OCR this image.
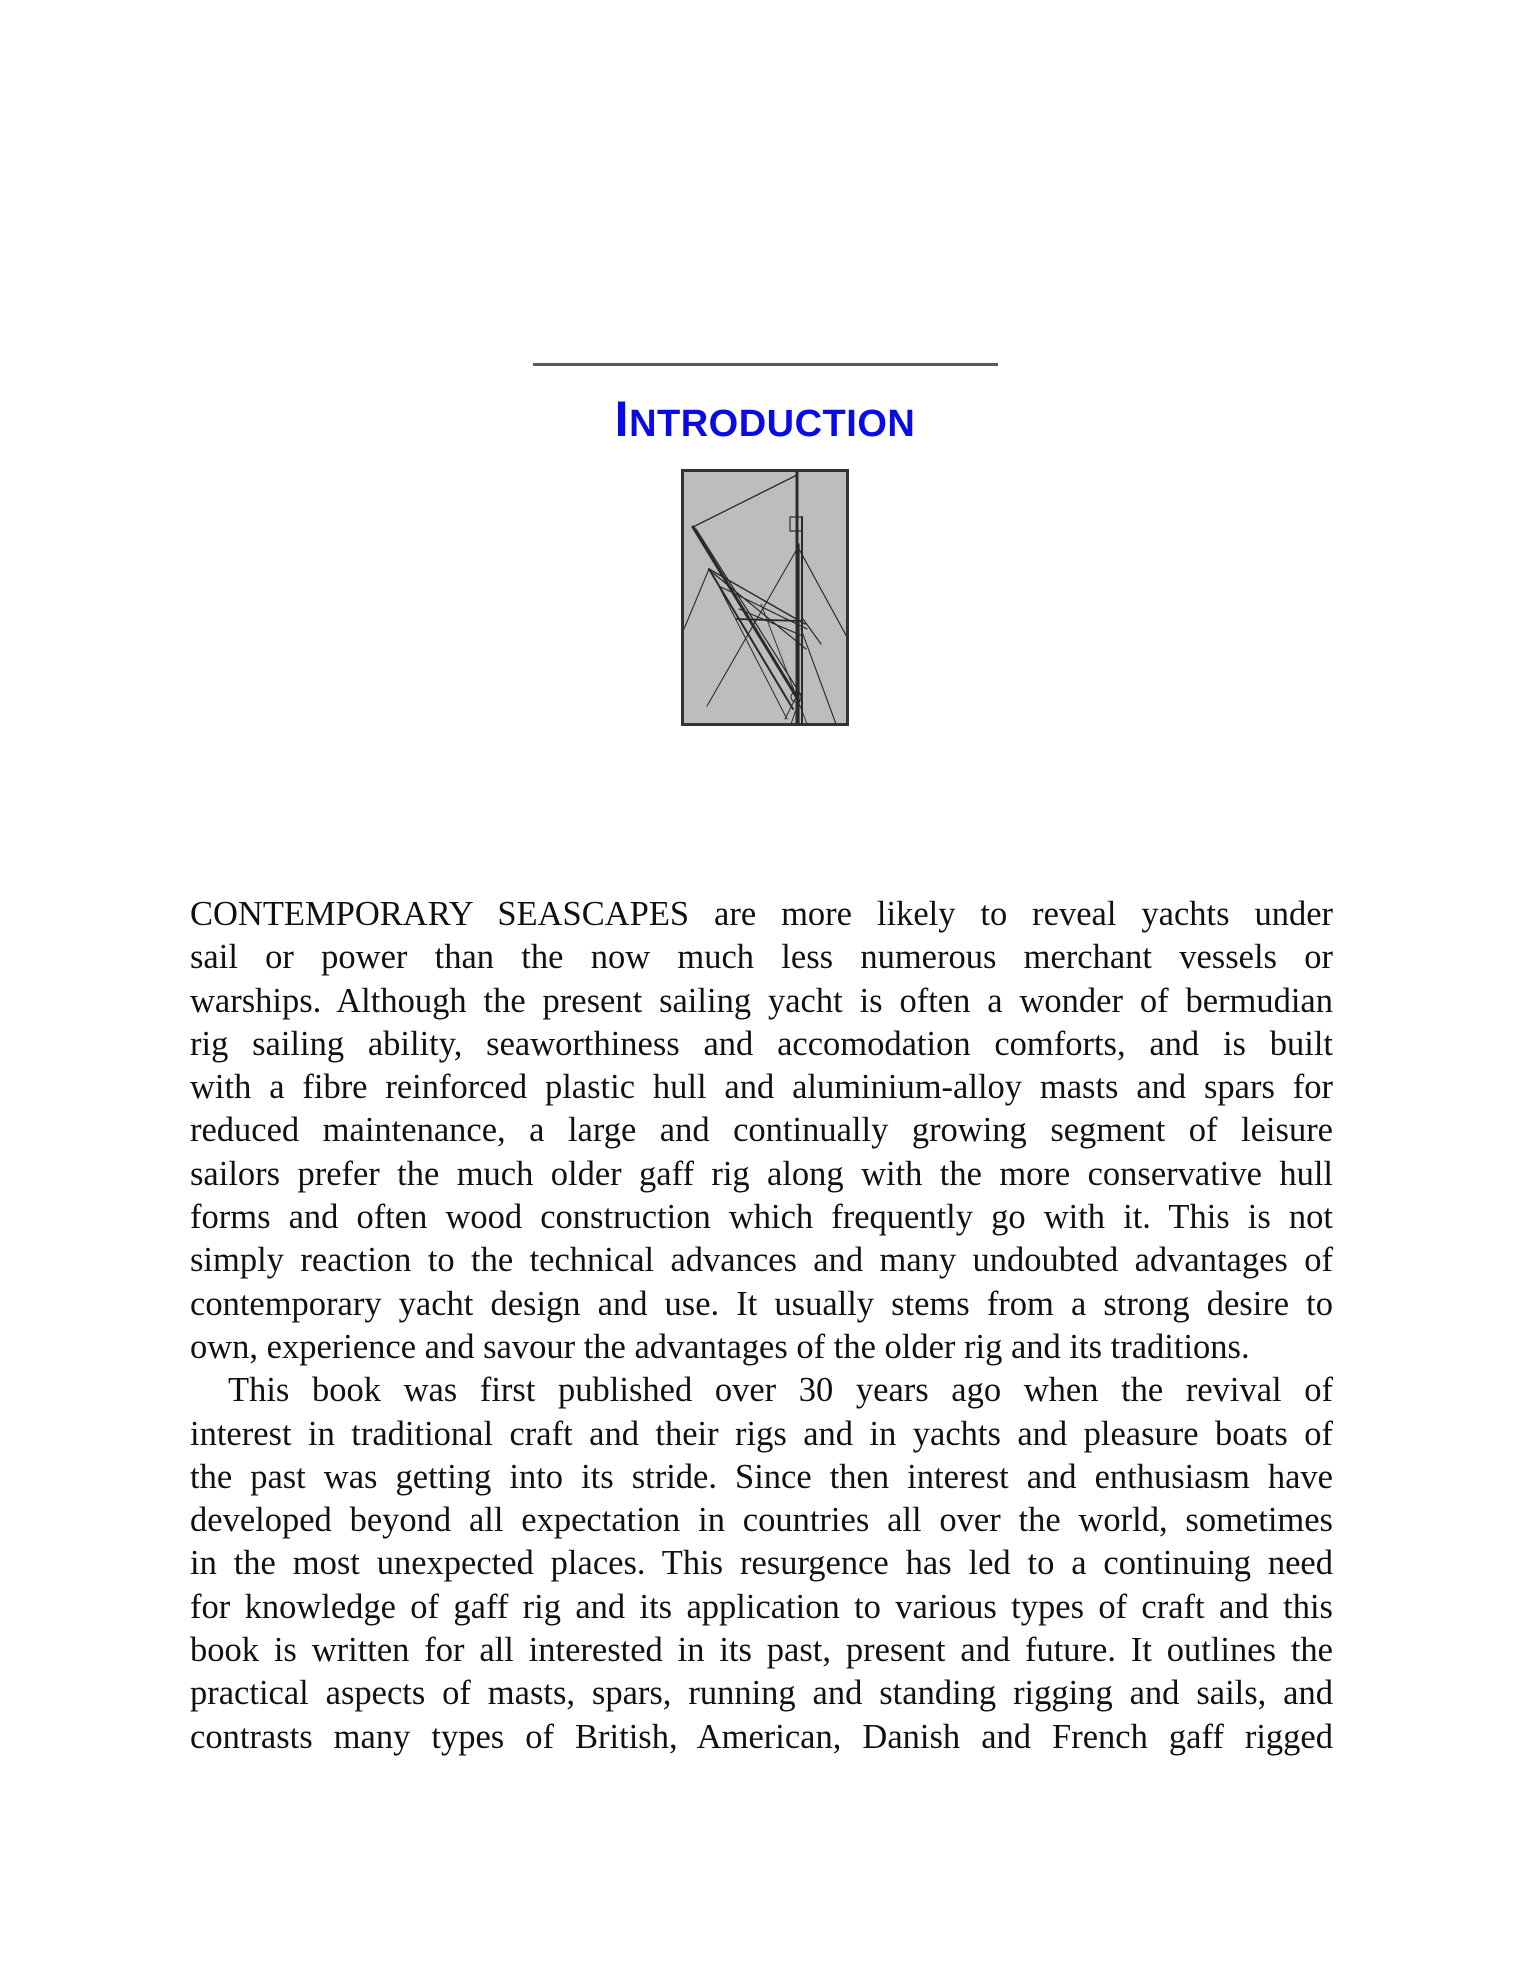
INTRODUCTION

CONTEMPORARY SEASCAPES are more likely to reveal yachts under
sail or power than the now much less numerous merchant vessels or
warships. Although the present sailing yacht is often a wonder of bermudian
rig sailing ability, seaworthiness and accomodation comforts, and is built
with a fibre reinforced plastic hull and aluminium-alloy masts and spars for
reduced maintenance, a large and continually growing segment of leisure
sailors prefer the much older gaff rig along with the more conservative hull
forms and often wood construction which frequently go with it. This is not
simply reaction to the technical advances and many undoubted advantages of
contemporary yacht design and use. It usually stems from a strong desire to
own, experience and savour the advantages of the older rig and its traditions.

This book was first published over 30 years ago when the revival of
interest in traditional craft and their rigs and in yachts and pleasure boats of
the past was getting into its stride. Since then interest and enthusiasm have
developed beyond all expectation in countries all over the world, sometimes
in the most unexpected places. This resurgence has led to a continuing need
for knowledge of gaff rig and its application to various types of craft and this
book is written for all interested in its past, present and future. It outlines the
practical aspects of masts, spars, running and standing rigging and sails, and
contrasts many types of British, American, Danish and French gaff rigged
